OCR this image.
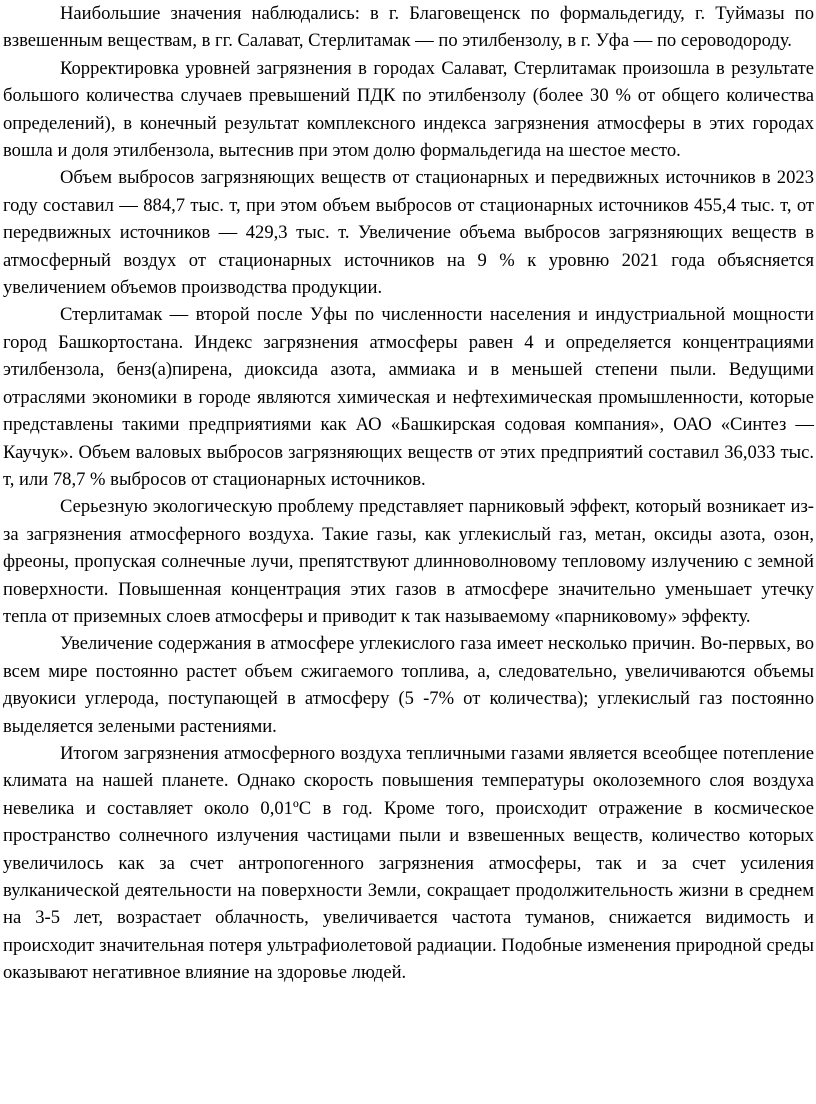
Наибольшие значения наблюдались: в г. Благовещенск по формальдегиду, г. Туймазы по взвешенным веществам, в гг. Салават, Стерлитамак — по этилбензолу, в г. Уфа — по сероводороду.

Корректировка уровней загрязнения в городах Салават, Стерлитамак произошла в результате большого количества случаев превышений ПДК по этилбензолу (более 30 % от общего количества определений), в конечный результат комплексного индекса загрязнения атмосферы в этих городах вошла и доля этилбензола, вытеснив при этом долю формальдегида на шестое место.

Объем выбросов загрязняющих веществ от стационарных и передвижных источников в 2023 году составил — 884,7 тыс. т, при этом объем выбросов от стационарных источников 455,4 тыс. т, от передвижных источников — 429,3 тыс. т. Увеличение объема выбросов загрязняющих веществ в атмосферный воздух от стационарных источников на 9 % к уровню 2021 года объясняется увеличением объемов производства продукции.

Стерлитамак — второй после Уфы по численности населения и индустриальной мощности город Башкортостана. Индекс загрязнения атмосферы равен 4 и определяется концентрациями этилбензола, бенз(а)пирена, диоксида азота, аммиака и в меньшей степени пыли. Ведущими отраслями экономики в городе являются химическая и нефтехимическая промышленности, которые представлены такими предприятиями как АО «Башкирская содовая компания», ОАО «Синтез — Каучук». Объем валовых выбросов загрязняющих веществ от этих предприятий составил 36,033 тыс. т, или 78,7 % выбросов от стационарных источников.

Серьезную экологическую проблему представляет парниковый эффект, который возникает из-за загрязнения атмосферного воздуха. Такие газы, как углекислый газ, метан, оксиды азота, озон, фреоны, пропуская солнечные лучи, препятствуют длинноволновому тепловому излучению с земной поверхности. Повышенная концентрация этих газов в атмосфере значительно уменьшает утечку тепла от приземных слоев атмосферы и приводит к так называемому «парниковому» эффекту.

Увеличение содержания в атмосфере углекислого газа имеет несколько причин. Во-первых, во всем мире постоянно растет объем сжигаемого топлива, а, следовательно, увеличиваются объемы двуокиси углерода, поступающей в атмосферу (5 -7% от количества); углекислый газ постоянно выделяется зелеными растениями.

Итогом загрязнения атмосферного воздуха тепличными газами является всеобщее потепление климата на нашей планете. Однако скорость повышения температуры околоземного слоя воздуха невелика и составляет около 0,01ºС в год. Кроме того, происходит отражение в космическое пространство солнечного излучения частицами пыли и взвешенных веществ, количество которых увеличилось как за счет антропогенного загрязнения атмосферы, так и за счет усиления вулканической деятельности на поверхности Земли, сокращает продолжительность жизни в среднем на 3-5 лет, возрастает облачность, увеличивается частота туманов, снижается видимость и происходит значительная потеря ультрафиолетовой радиации. Подобные изменения природной среды оказывают негативное влияние на здоровье людей.
